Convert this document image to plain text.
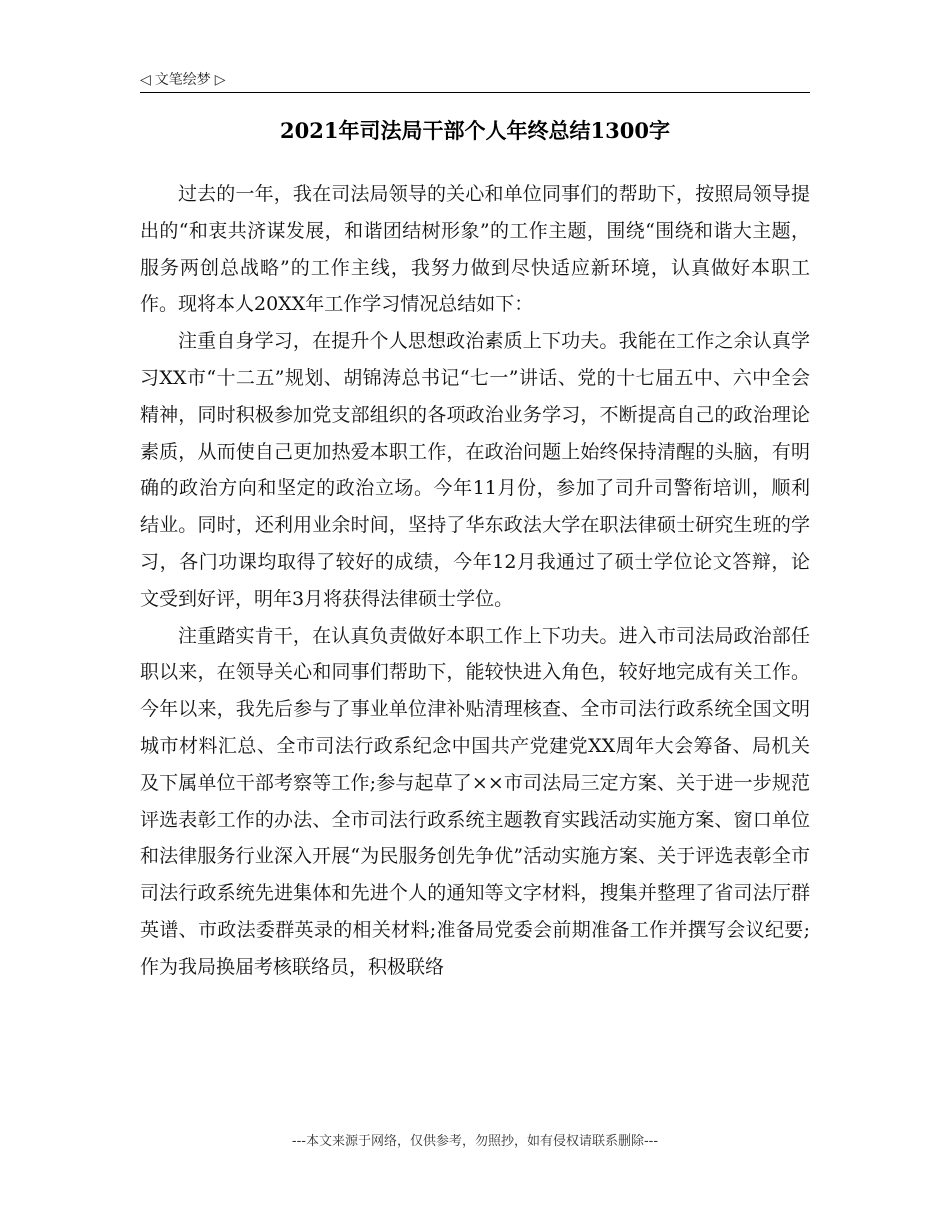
◁ 文笔绘梦 ▷
2021年司法局干部个人年终总结1300字

过去的一年，我在司法局领导的关心和单位同事们的帮助下，按照局领导提出的“和衷共济谋发展，和谐团结树形象”的工作主题，围绕“围绕和谐大主题，服务两创总战略”的工作主线，我努力做到尽快适应新环境，认真做好本职工作。现将本人20XX年工作学习情况总结如下：

注重自身学习，在提升个人思想政治素质上下功夫。我能在工作之余认真学习XX市“十二五”规划、胡锦涛总书记“七一”讲话、党的十七届五中、六中全会精神，同时积极参加党支部组织的各项政治业务学习，不断提高自己的政治理论素质，从而使自己更加热爱本职工作，在政治问题上始终保持清醒的头脑，有明确的政治方向和坚定的政治立场。今年11月份，参加了司升司警衔培训，顺利结业。同时，还利用业余时间，坚持了华东政法大学在职法律硕士研究生班的学习，各门功课均取得了较好的成绩，今年12月我通过了硕士学位论文答辩，论文受到好评，明年3月将获得法律硕士学位。

注重踏实肯干，在认真负责做好本职工作上下功夫。进入市司法局政治部任职以来，在领导关心和同事们帮助下，能较快进入角色，较好地完成有关工作。今年以来，我先后参与了事业单位津补贴清理核查、全市司法行政系统全国文明城市材料汇总、全市司法行政系纪念中国共产党建党XX周年大会筹备、局机关及下属单位干部考察等工作;参与起草了××市司法局三定方案、关于进一步规范评选表彰工作的办法、全市司法行政系统主题教育实践活动实施方案、窗口单位和法律服务行业深入开展“为民服务创先争优”活动实施方案、关于评选表彰全市司法行政系统先进集体和先进个人的通知等文字材料，搜集并整理了省司法厅群英谱、市政法委群英录的相关材料;准备局党委会前期准备工作并撰写会议纪要;作为我局换届考核联络员，积极联络

---本文来源于网络，仅供参考，勿照抄，如有侵权请联系删除---
